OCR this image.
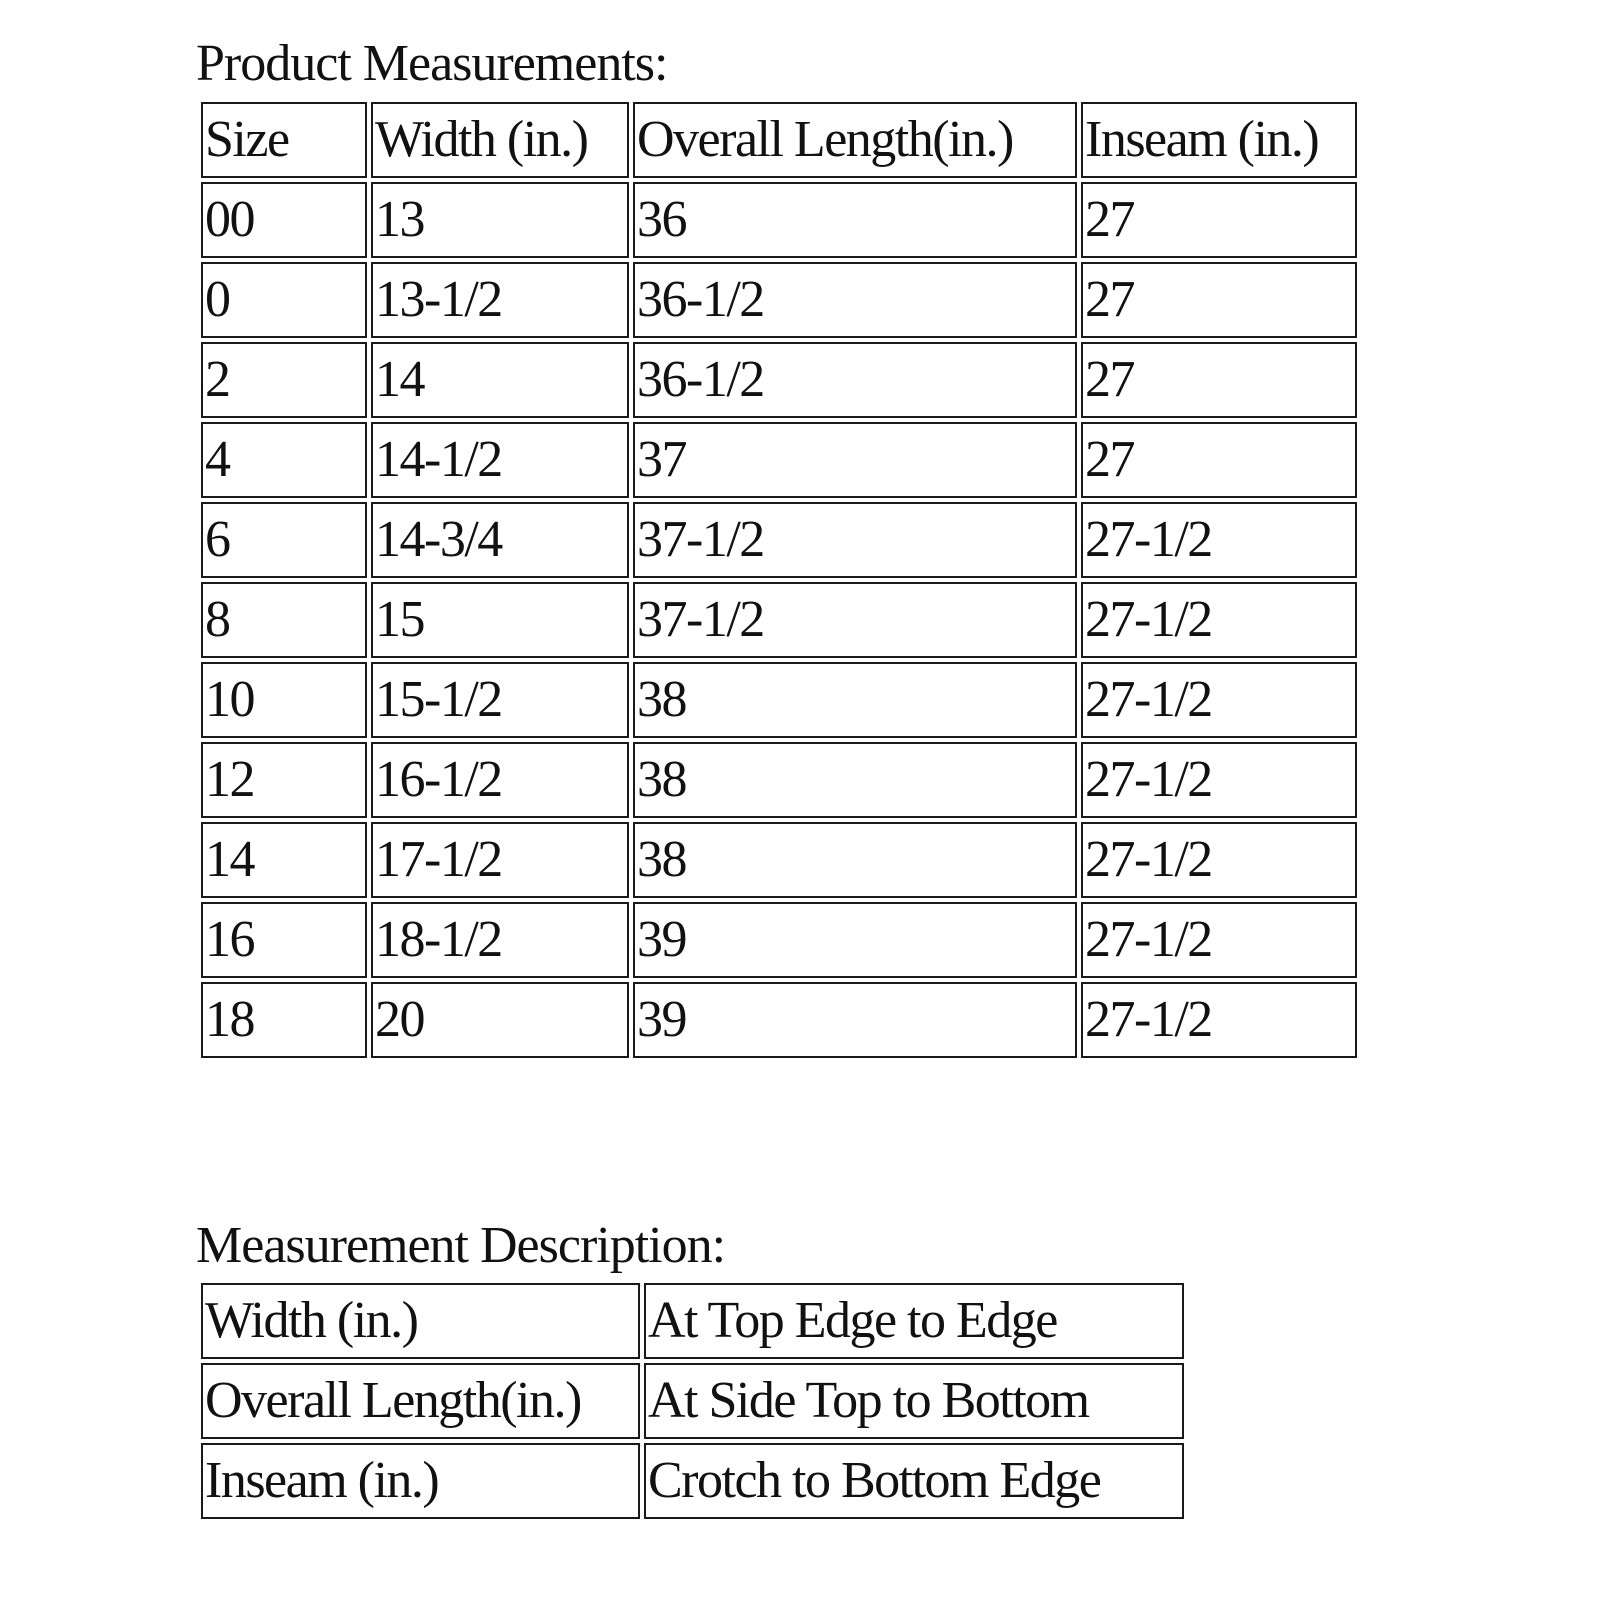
Product Measurements:
Size	Width (in.)	Overall Length(in.)	Inseam (in.)
00	13	36	27
0	13-1/2	36-1/2	27
2	14	36-1/2	27
4	14-1/2	37	27
6	14-3/4	37-1/2	27-1/2
8	15	37-1/2	27-1/2
10	15-1/2	38	27-1/2
12	16-1/2	38	27-1/2
14	17-1/2	38	27-1/2
16	18-1/2	39	27-1/2
18	20	39	27-1/2
Measurement Description:
Width (in.)	At Top Edge to Edge
Overall Length(in.)	At Side Top to Bottom
Inseam (in.)	Crotch to Bottom Edge
